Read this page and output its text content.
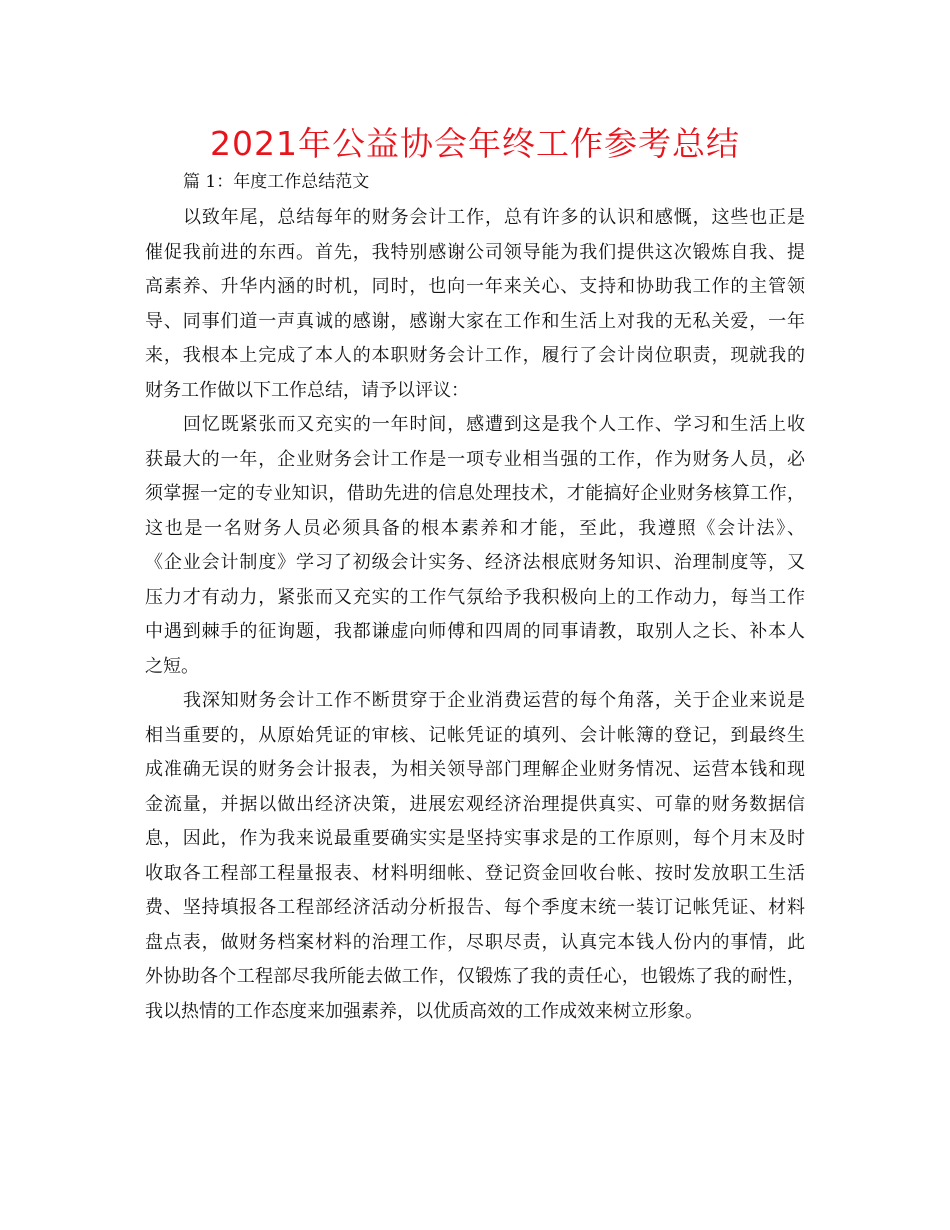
2021年公益协会年终工作参考总结
篇 1：年度工作总结范文
以致年尾，总结每年的财务会计工作，总有许多的认识和感慨，这些也正是
催促我前进的东西。首先，我特别感谢公司领导能为我们提供这次锻炼自我、提
高素养、升华内涵的时机，同时，也向一年来关心、支持和协助我工作的主管领
导、同事们道一声真诚的感谢，感谢大家在工作和生活上对我的无私关爱，一年
来，我根本上完成了本人的本职财务会计工作，履行了会计岗位职责，现就我的
财务工作做以下工作总结，请予以评议：
回忆既紧张而又充实的一年时间，感遭到这是我个人工作、学习和生活上收
获最大的一年，企业财务会计工作是一项专业相当强的工作，作为财务人员，必
须掌握一定的专业知识，借助先进的信息处理技术，才能搞好企业财务核算工作，
这也是一名财务人员必须具备的根本素养和才能，至此，我遵照《会计法》、
《企业会计制度》学习了初级会计实务、经济法根底财务知识、治理制度等，又
压力才有动力，紧张而又充实的工作气氛给予我积极向上的工作动力，每当工作
中遇到棘手的征询题，我都谦虚向师傅和四周的同事请教，取别人之长、补本人
之短。
我深知财务会计工作不断贯穿于企业消费运营的每个角落，关于企业来说是
相当重要的，从原始凭证的审核、记帐凭证的填列、会计帐簿的登记，到最终生
成准确无误的财务会计报表，为相关领导部门理解企业财务情况、运营本钱和现
金流量，并据以做出经济决策，进展宏观经济治理提供真实、可靠的财务数据信
息，因此，作为我来说最重要确实实是坚持实事求是的工作原则，每个月末及时
收取各工程部工程量报表、材料明细帐、登记资金回收台帐、按时发放职工生活
费、坚持填报各工程部经济活动分析报告、每个季度末统一装订记帐凭证、材料
盘点表，做财务档案材料的治理工作，尽职尽责，认真完本钱人份内的事情，此
外协助各个工程部尽我所能去做工作，仅锻炼了我的责任心，也锻炼了我的耐性，
我以热情的工作态度来加强素养，以优质高效的工作成效来树立形象。
